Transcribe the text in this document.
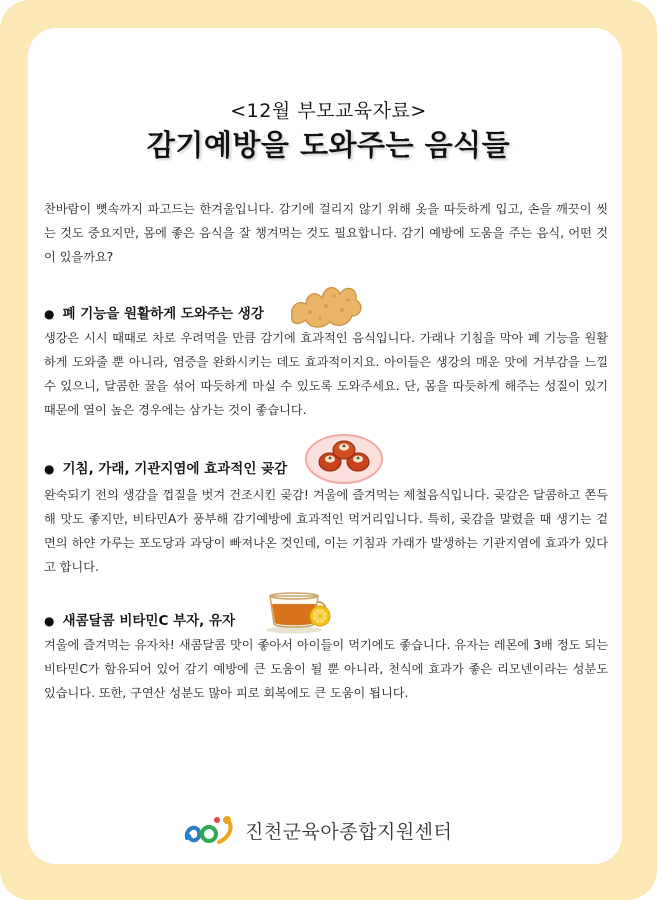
<12월 부모교육자료>
감기예방을 도와주는 음식들

찬바람이 뼛속까지 파고드는 한겨울입니다. 감기에 걸리지 않기 위해 옷을 따듯하게 입고, 손을 깨끗이 씻는 것도 중요지만, 몸에 좋은 음식을 잘 챙겨먹는 것도 필요합니다. 감기 예방에 도움을 주는 음식, 어떤 것이 있을까요?

● 폐 기능을 원활하게 도와주는 생강

생강은 시시 때때로 차로 우려먹을 만큼 감기에 효과적인 음식입니다. 가래나 기침을 막아 폐 기능을 원활하게 도와줄 뿐 아니라, 염증을 완화시키는 데도 효과적이지요. 아이들은 생강의 매운 맛에 거부감을 느낄 수 있으니, 달콤한 꿀을 섞어 따듯하게 마실 수 있도록 도와주세요. 단, 몸을 따듯하게 해주는 성질이 있기 때문에 열이 높은 경우에는 삼가는 것이 좋습니다.

● 기침, 가래, 기관지염에 효과적인 곶감

완숙되기 전의 생감을 껍질을 벗겨 건조시킨 곶감! 겨울에 즐겨먹는 제철음식입니다. 곶감은 달콤하고 쫀득해 맛도 좋지만, 비타민A가 풍부해 감기예방에 효과적인 먹거리입니다. 특히, 곶감을 말렸을 때 생기는 겉면의 하얀 가루는 포도당과 과당이 빠져나온 것인데, 이는 기침과 가래가 발생하는 기관지염에 효과가 있다고 합니다.

● 새콤달콤 비타민C 부자, 유자

겨울에 즐겨먹는 유자차! 새콤달콤 맛이 좋아서 아이들이 먹기에도 좋습니다. 유자는 레몬에 3배 정도 되는 비타민C가 함유되어 있어 감기 예방에 큰 도움이 될 뿐 아니라, 천식에 효과가 좋은 리모넨이라는 성분도 있습니다. 또한, 구연산 성분도 많아 피로 회복에도 큰 도움이 됩니다.

진천군육아종합지원센터
